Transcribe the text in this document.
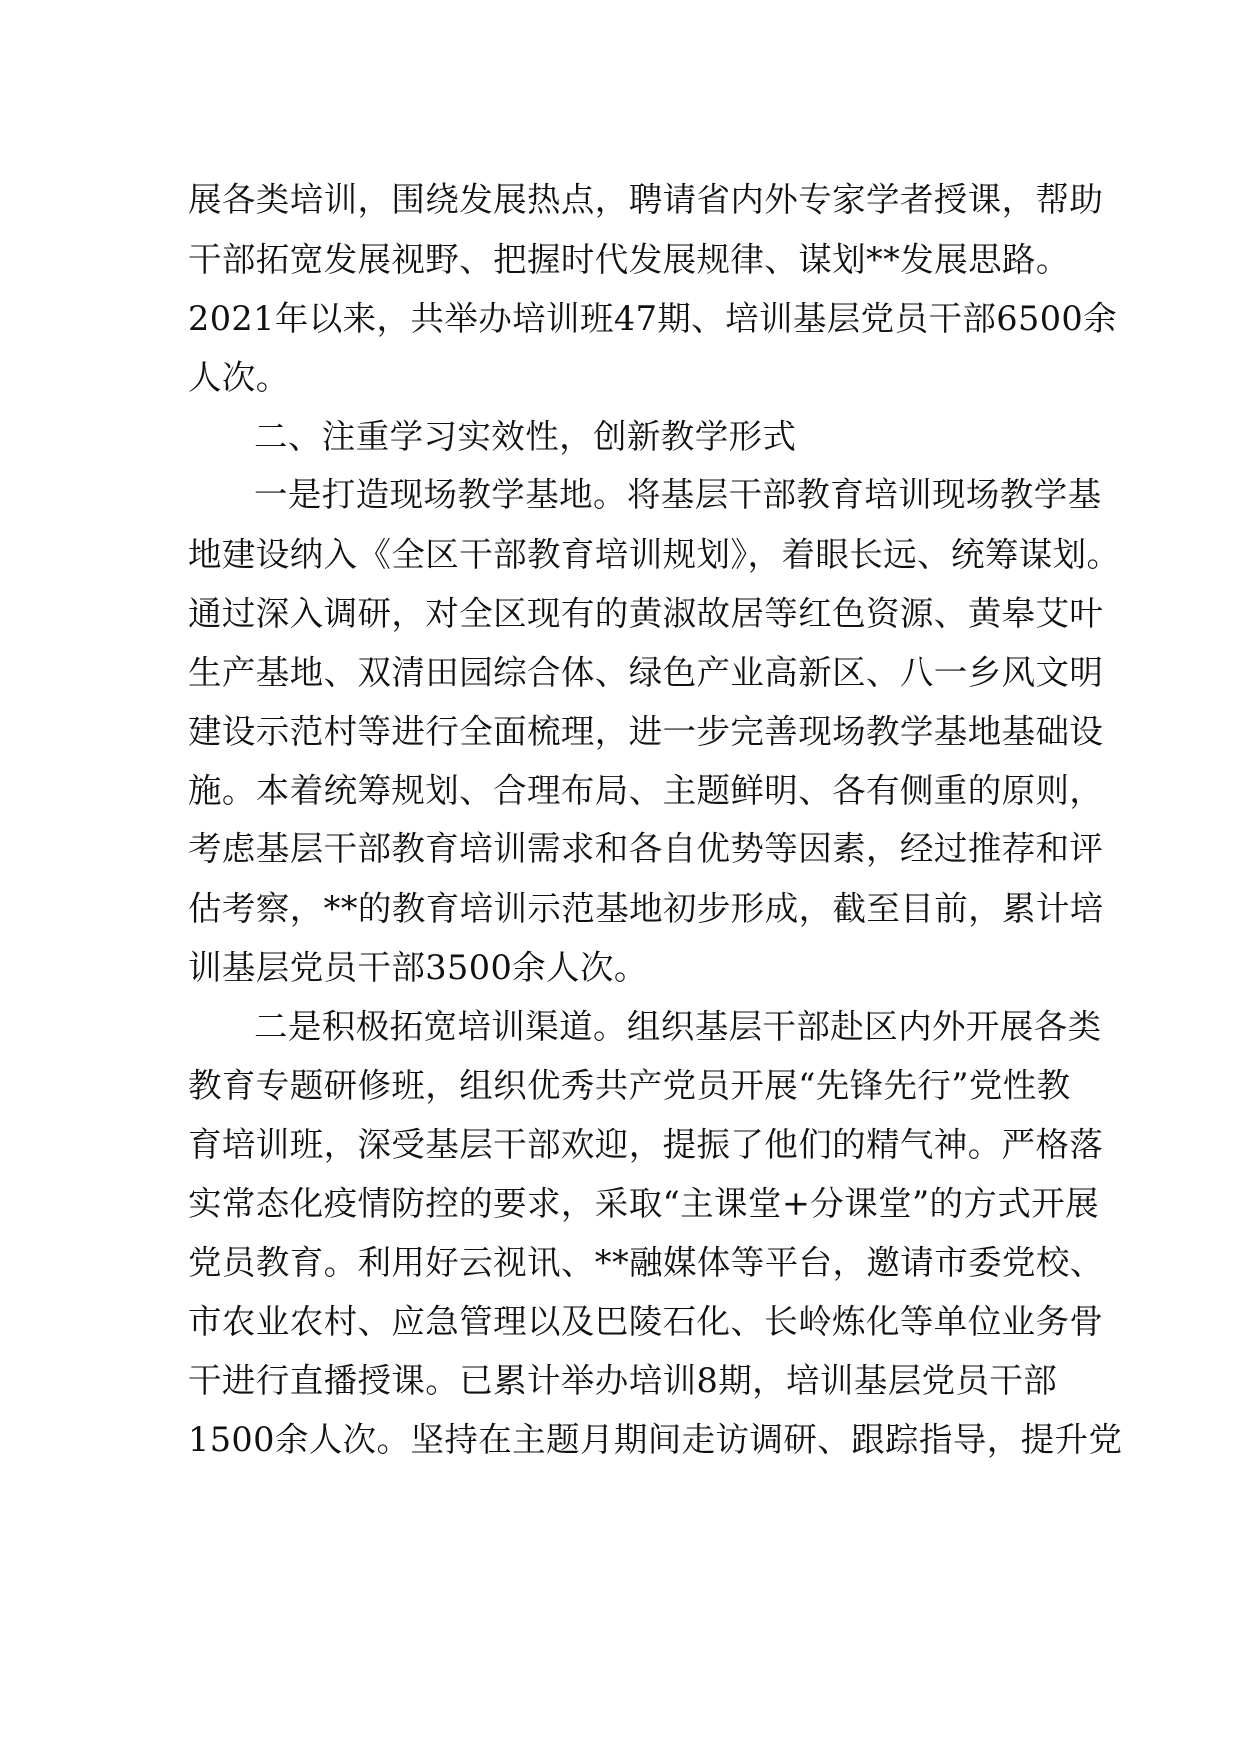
展各类培训，围绕发展热点，聘请省内外专家学者授课，帮助
干部拓宽发展视野、把握时代发展规律、谋划**发展思路。
2021年以来，共举办培训班47期、培训基层党员干部6500余
人次。
二、注重学习实效性，创新教学形式
一是打造现场教学基地。将基层干部教育培训现场教学基
地建设纳入《全区干部教育培训规划》，着眼长远、统筹谋划。
通过深入调研，对全区现有的黄淑故居等红色资源、黄皋艾叶
生产基地、双清田园综合体、绿色产业高新区、八一乡风文明
建设示范村等进行全面梳理，进一步完善现场教学基地基础设
施。本着统筹规划、合理布局、主题鲜明、各有侧重的原则，
考虑基层干部教育培训需求和各自优势等因素，经过推荐和评
估考察，**的教育培训示范基地初步形成，截至目前，累计培
训基层党员干部3500余人次。
二是积极拓宽培训渠道。组织基层干部赴区内外开展各类
教育专题研修班，组织优秀共产党员开展“先锋先行”党性教
育培训班，深受基层干部欢迎，提振了他们的精气神。严格落
实常态化疫情防控的要求，采取“主课堂+分课堂”的方式开展
党员教育。利用好云视讯、**融媒体等平台，邀请市委党校、
市农业农村、应急管理以及巴陵石化、长岭炼化等单位业务骨
干进行直播授课。已累计举办培训8期，培训基层党员干部
1500余人次。坚持在主题月期间走访调研、跟踪指导，提升党
